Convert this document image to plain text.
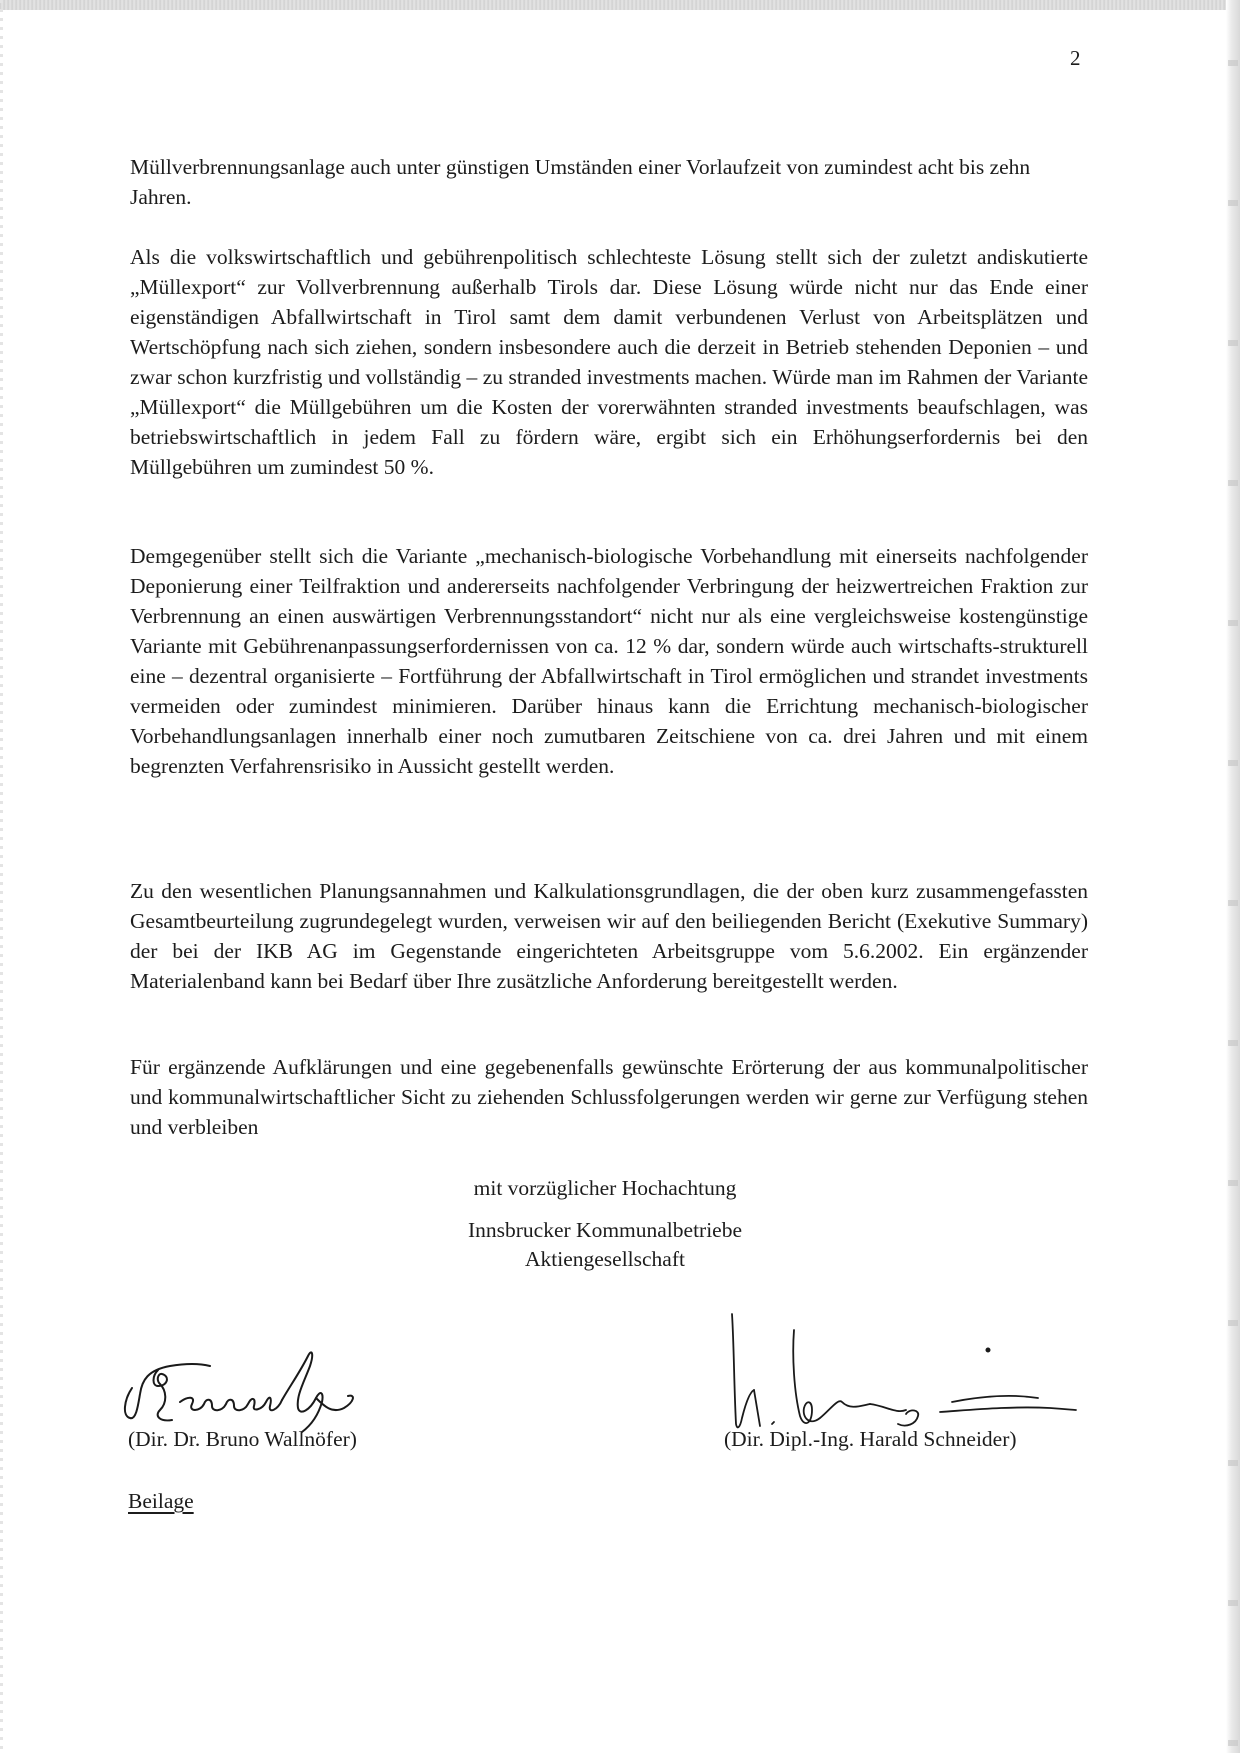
2

Müllverbrennungsanlage auch unter günstigen Umständen einer Vorlaufzeit von zumindest acht bis zehn Jahren.

Als die volkswirtschaftlich und gebührenpolitisch schlechteste Lösung stellt sich der zuletzt andiskutierte „Müllexport“ zur Vollverbrennung außerhalb Tirols dar. Diese Lösung würde nicht nur das Ende einer eigenständigen Abfallwirtschaft in Tirol samt dem damit verbundenen Verlust von Arbeitsplätzen und Wertschöpfung nach sich ziehen, sondern insbesondere auch die derzeit in Betrieb stehenden Deponien – und zwar schon kurzfristig und vollständig – zu stranded investments machen. Würde man im Rahmen der Variante „Müllexport“ die Müllgebühren um die Kosten der vorerwähnten stranded investments beaufschlagen, was betriebswirtschaftlich in jedem Fall zu fördern wäre, ergibt sich ein Erhöhungserfordernis bei den Müllgebühren um zumindest 50 %.

Demgegenüber stellt sich die Variante „mechanisch-biologische Vorbehandlung mit einerseits nachfolgender Deponierung einer Teilfraktion und andererseits nachfolgender Verbringung der heizwertreichen Fraktion zur Verbrennung an einen auswärtigen Verbrennungsstandort“ nicht nur als eine vergleichsweise kostengünstige Variante mit Gebührenanpassungserfordernissen von ca. 12 % dar, sondern würde auch wirtschafts-strukturell eine – dezentral organisierte – Fortführung der Abfallwirtschaft in Tirol ermöglichen und strandet investments vermeiden oder zumindest minimieren. Darüber hinaus kann die Errichtung mechanisch-biologischer Vorbehandlungsanlagen innerhalb einer noch zumutbaren Zeitschiene von ca. drei Jahren und mit einem begrenzten Verfahrensrisiko in Aussicht gestellt werden.

Zu den wesentlichen Planungsannahmen und Kalkulationsgrundlagen, die der oben kurz zusammengefassten Gesamtbeurteilung zugrundegelegt wurden, verweisen wir auf den beiliegenden Bericht (Exekutive Summary) der bei der IKB AG im Gegenstande eingerichteten Arbeitsgruppe vom 5.6.2002. Ein ergänzender Materialenband kann bei Bedarf über Ihre zusätzliche Anforderung bereitgestellt werden.

Für ergänzende Aufklärungen und eine gegebenenfalls gewünschte Erörterung der aus kommunalpolitischer und kommunalwirtschaftlicher Sicht zu ziehenden Schlussfolgerungen werden wir gerne zur Verfügung stehen und verbleiben

mit vorzüglicher Hochachtung
Innsbrucker Kommunalbetriebe
Aktiengesellschaft
(Dir. Dr. Bruno Wallnöfer)	(Dir. Dipl.-Ing. Harald Schneider)
Beilage
